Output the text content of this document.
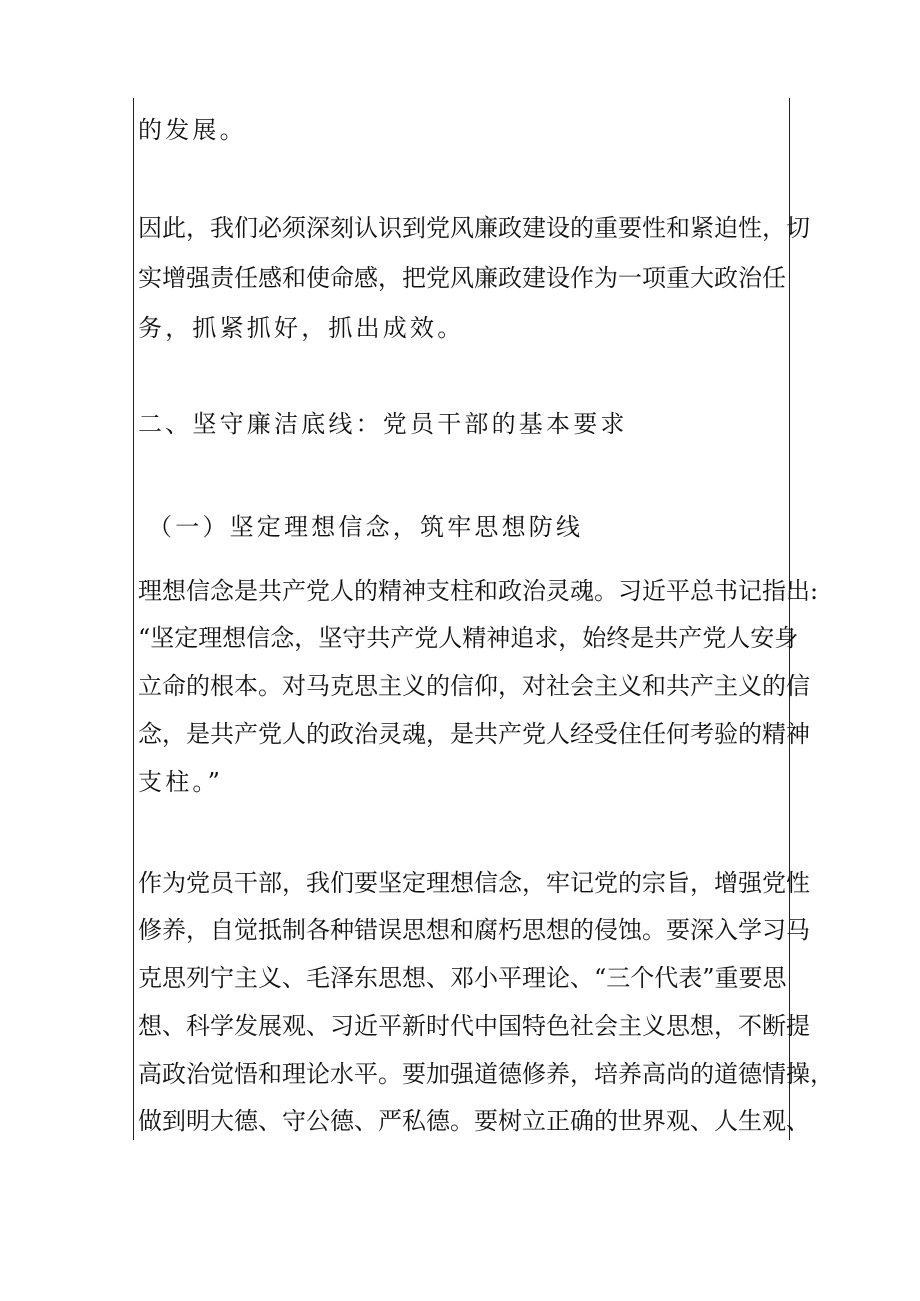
的发展。
因此，我们必须深刻认识到党风廉政建设的重要性和紧迫性，切
实增强责任感和使命感，把党风廉政建设作为一项重大政治任
务，抓紧抓好，抓出成效。
二、坚守廉洁底线：党员干部的基本要求
（一）坚定理想信念，筑牢思想防线
理想信念是共产党人的精神支柱和政治灵魂。习近平总书记指出:
“坚定理想信念，坚守共产党人精神追求，始终是共产党人安身
立命的根本。对马克思主义的信仰，对社会主义和共产主义的信
念，是共产党人的政治灵魂，是共产党人经受住任何考验的精神
支柱。”
作为党员干部，我们要坚定理想信念，牢记党的宗旨，增强党性
修养，自觉抵制各种错误思想和腐朽思想的侵蚀。要深入学习马
克思列宁主义、毛泽东思想、邓小平理论、“三个代表”重要思
想、科学发展观、习近平新时代中国特色社会主义思想，不断提
高政治觉悟和理论水平。要加强道德修养，培养高尚的道德情操，
做到明大德、守公德、严私德。要树立正确的世界观、人生观、
